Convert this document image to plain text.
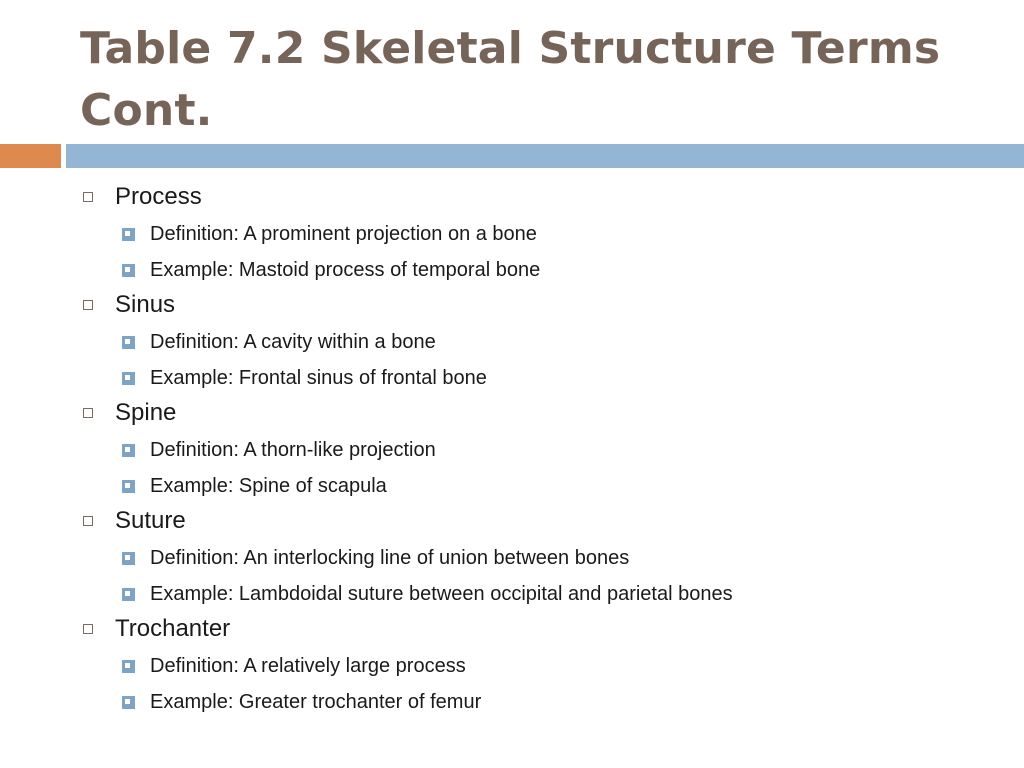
Table 7.2 Skeletal Structure Terms Cont.
Process
Definition: A prominent projection on a bone
Example: Mastoid process of temporal bone
Sinus
Definition: A cavity within a bone
Example: Frontal sinus of frontal bone
Spine
Definition: A thorn-like projection
Example: Spine of scapula
Suture
Definition: An interlocking line of union between bones
Example: Lambdoidal suture between occipital and parietal bones
Trochanter
Definition: A relatively large process
Example: Greater trochanter of femur
